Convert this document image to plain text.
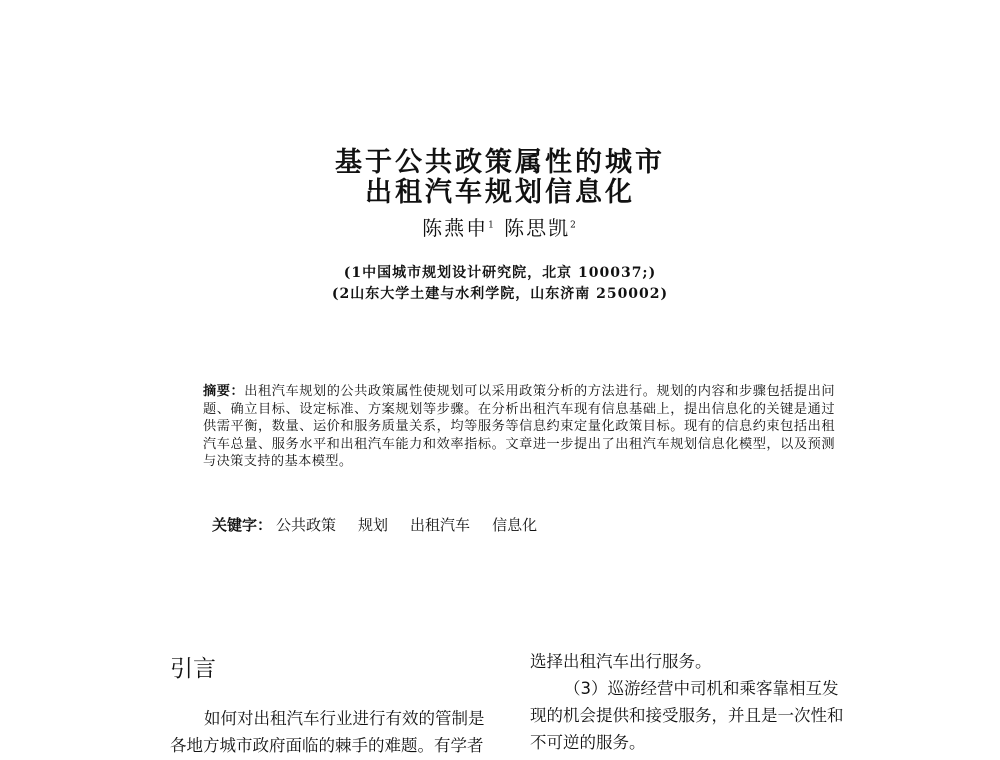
基于公共政策属性的城市
出租汽车规划信息化
陈燕申$^1$ 陈思凯$^2$
(1中国城市规划设计研究院，北京 100037;)
(2山东大学土建与水利学院，山东济南 250002)
摘要：出租汽车规划的公共政策属性使规划可以采用政策分析的方法进行。规划的内容和步骤包括提出问题、确立目标、设定标准、方案规划等步骤。在分析出租汽车现有信息基础上，提出信息化的关键是通过供需平衡，数量、运价和服务质量关系，均等服务等信息约束定量化政策目标。现有的信息约束包括出租汽车总量、服务水平和出租汽车能力和效率指标。文章进一步提出了出租汽车规划信息化模型，以及预测与决策支持的基本模型。
关键字： 公共政策 规划 出租汽车 信息化
引言
如何对出租汽车行业进行有效的管制是
各地方城市政府面临的棘手的难题。有学者
选择出租汽车出行服务。
（3）巡游经营中司机和乘客靠相互发
现的机会提供和接受服务，并且是一次性和
不可逆的服务。
